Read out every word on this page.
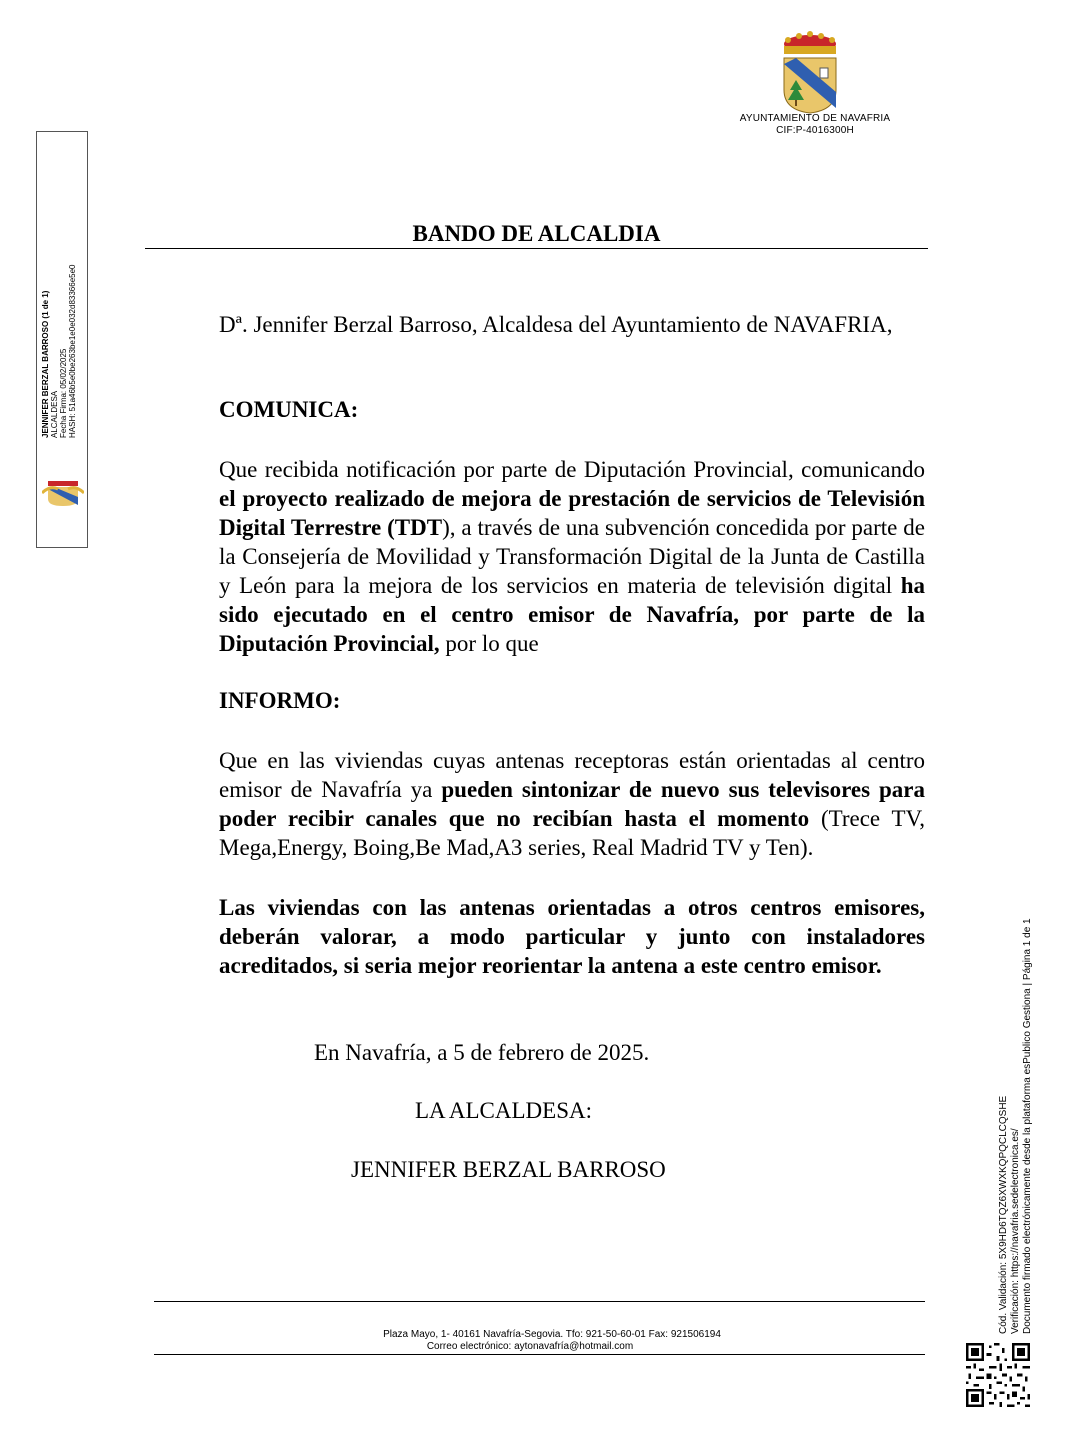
AYUNTAMIENTO DE NAVAFRIA
CIF:P-4016300H
JENNIFER BERZAL BARROSO (1 de 1) ALCALDESA Fecha Firma: 05/02/2025 HASH: 51a46b5e0be263be1e0e032d83366e5e0
BANDO DE ALCALDIA
Dª. Jennifer Berzal Barroso, Alcaldesa del Ayuntamiento de NAVAFRIA,
COMUNICA:
Que recibida notificación por parte de Diputación Provincial, comunicando el proyecto realizado de mejora de prestación de servicios de Televisión Digital Terrestre (TDT), a través de una subvención concedida por parte de la Consejería de Movilidad y Transformación Digital de la Junta de Castilla y León para la mejora de los servicios en materia de televisión digital ha sido ejecutado en el centro emisor de Navafría, por parte de la Diputación Provincial, por lo que
INFORMO:
Que en las viviendas cuyas antenas receptoras están orientadas al centro emisor de Navafría ya pueden sintonizar de nuevo sus televisores para poder recibir canales que no recibían hasta el momento (Trece TV, Mega,Energy, Boing,Be Mad,A3 series, Real Madrid TV y Ten).
Las viviendas con las antenas orientadas a otros centros emisores, deberán valorar, a modo particular y junto con instaladores acreditados, si seria mejor reorientar la antena a este centro emisor.
En Navafría, a 5 de febrero de 2025.
LA ALCALDESA:
JENNIFER BERZAL BARROSO
Plaza Mayo, 1- 40161 Navafría-Segovia. Tfo: 921-50-60-01 Fax: 921506194
Correo electrónico: aytonavafría@hotmail.com
Cód. Validación: 5X9HD6TQZ6XWXKQPQCLCQSHE Verificación: https://navafria.sedelectronica.es/ Documento firmado electrónicamente desde la plataforma esPublico Gestiona | Página 1 de 1
